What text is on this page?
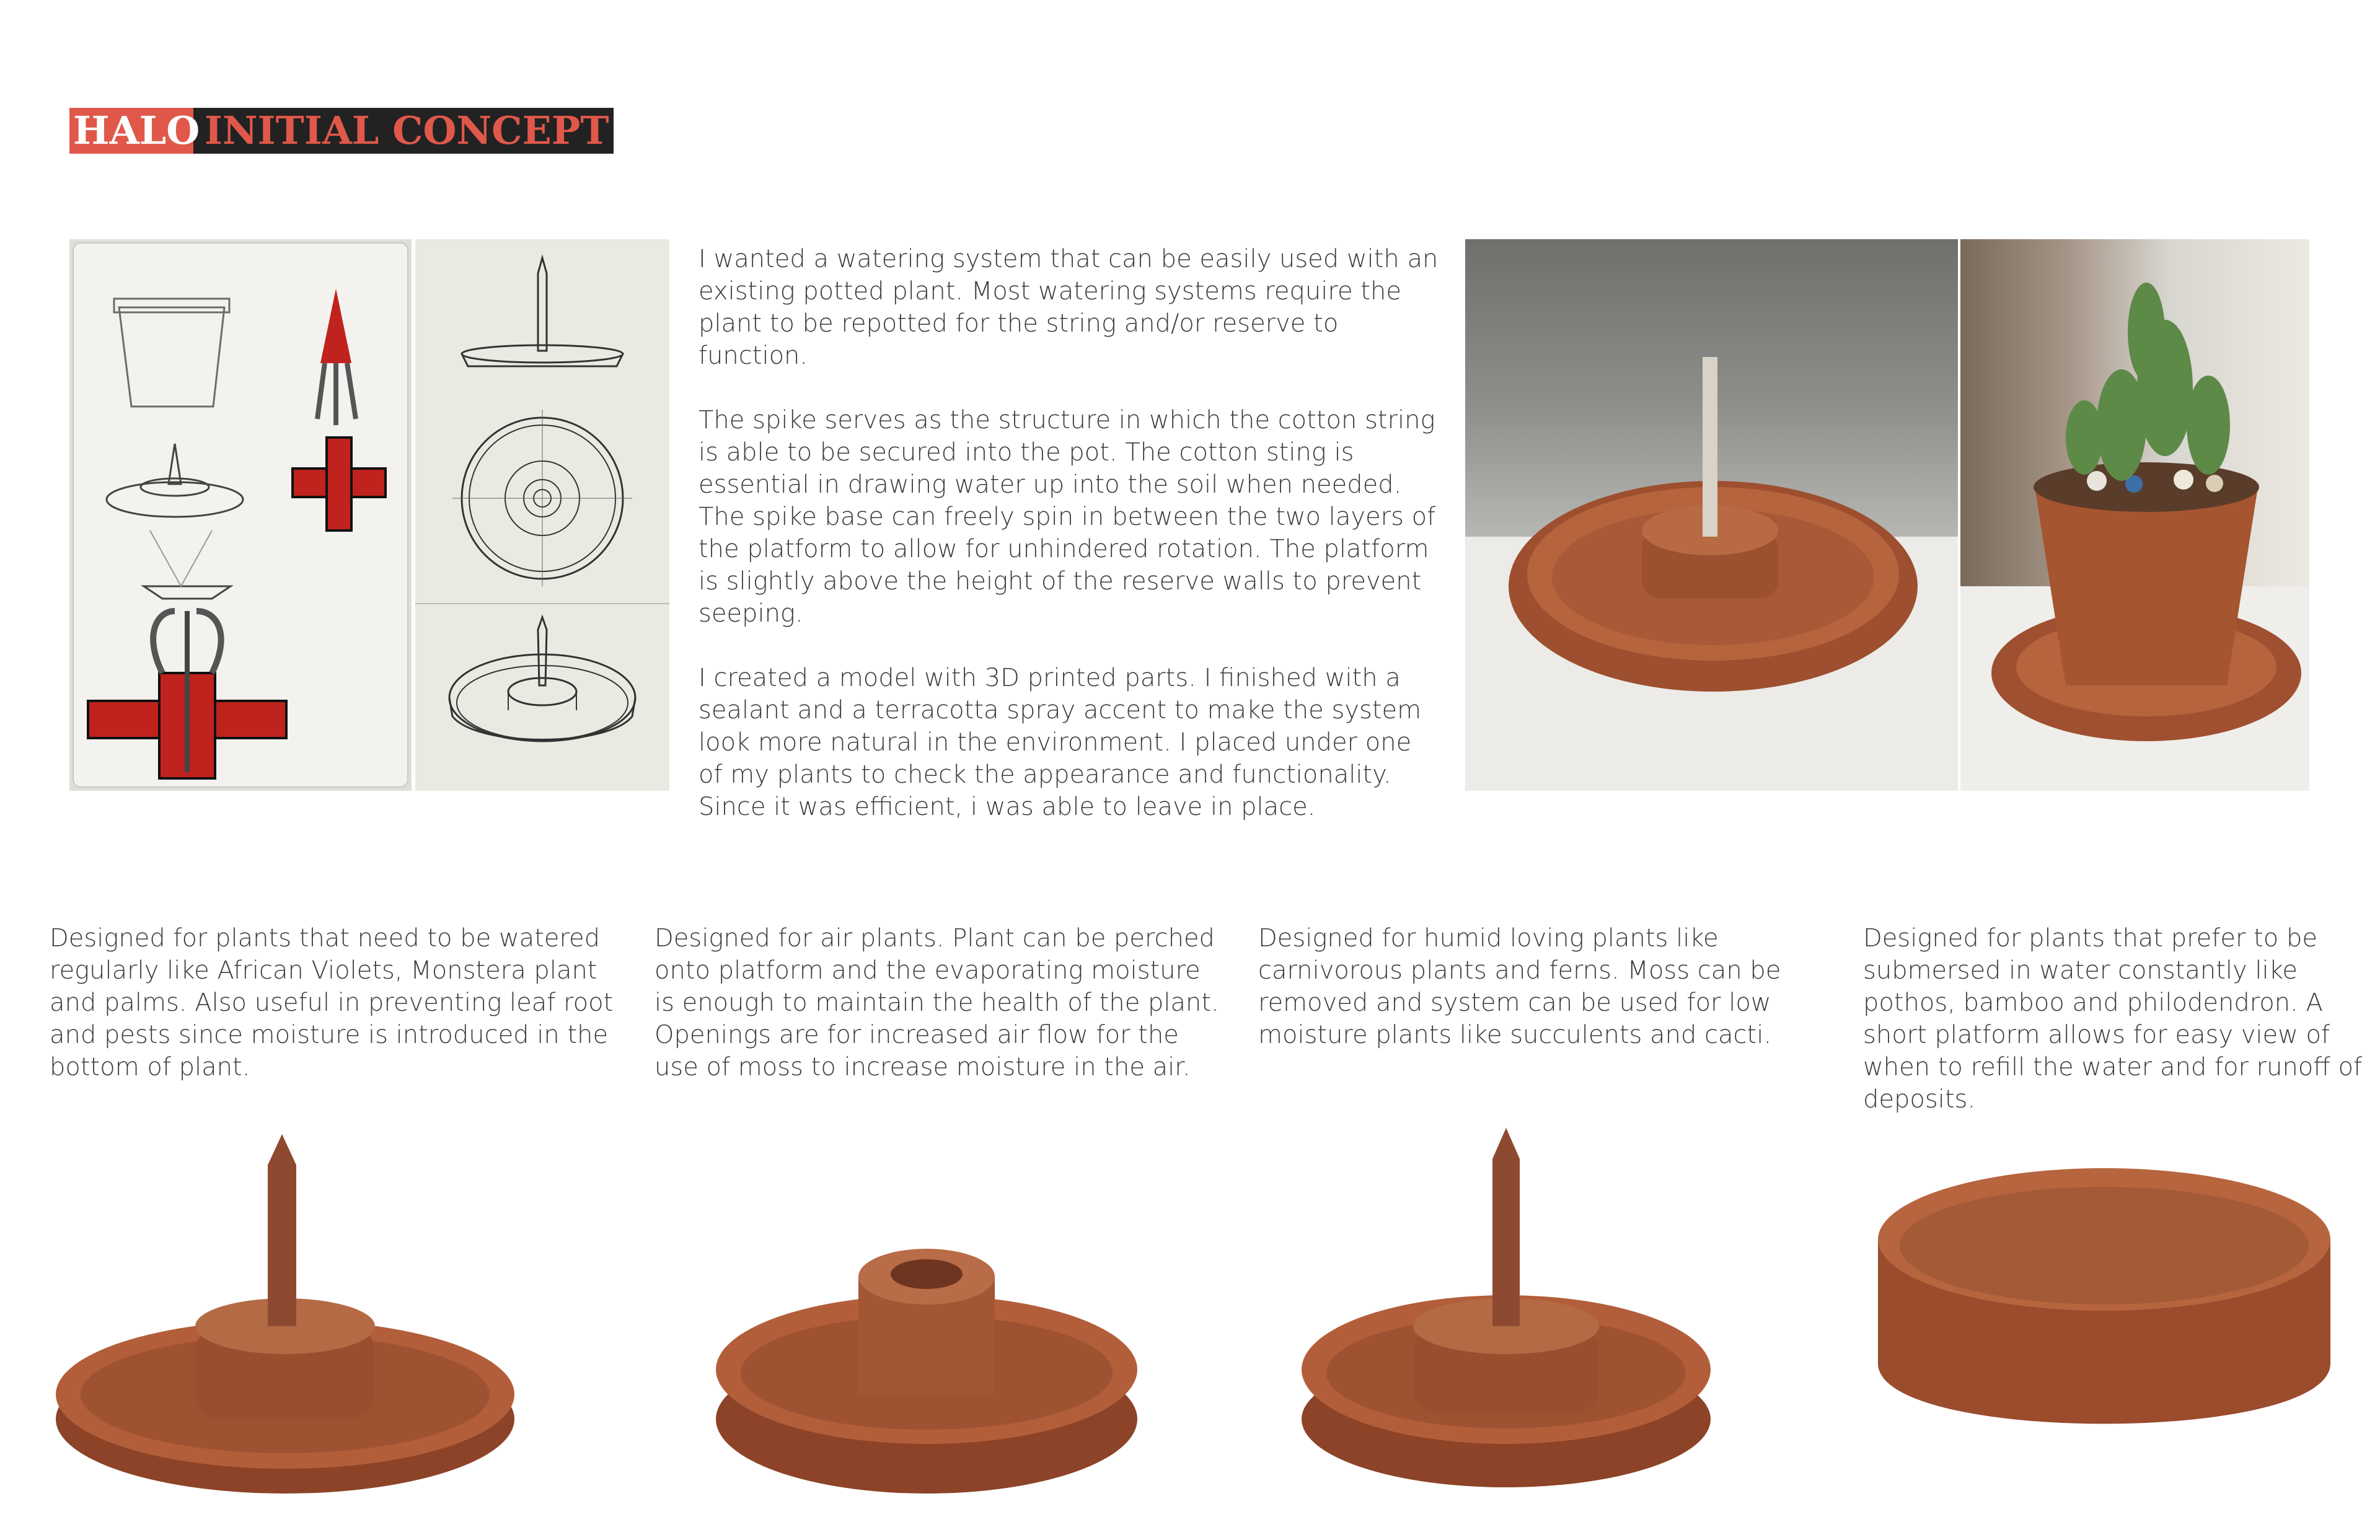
HALO INITIAL CONCEPT

I wanted a watering system that can be easily used with an existing potted plant. Most watering systems require the plant to be repotted for the string and/or reserve to function.

The spike serves as the structure in which the cotton string is able to be secured into the pot. The cotton sting is essential in drawing water up into the soil when needed. The spike base can freely spin in between the two layers of the platform to allow for unhindered rotation. The platform is slightly above the height of the reserve walls to prevent seeping.

I created a model with 3D printed parts. I finished with a sealant and a terracotta spray accent to make the system look more natural in the environment. I placed under one of my plants to check the appearance and functionality. Since it was efficient, i was able to leave in place.

Designed for plants that need to be watered regularly like African Violets, Monstera plant and palms. Also useful in preventing leaf root and pests since moisture is introduced in the bottom of plant.

Designed for air plants. Plant can be perched onto platform and the evaporating moisture is enough to maintain the health of the plant. Openings are for increased air flow for the use of moss to increase moisture in the air.

Designed for humid loving plants like carnivorous plants and ferns. Moss can be removed and system can be used for low moisture plants like succulents and cacti.

Designed for plants that prefer to be submersed in water constantly like pothos, bamboo and philodendron. A short platform allows for easy view of when to refill the water and for runoff of deposits.
